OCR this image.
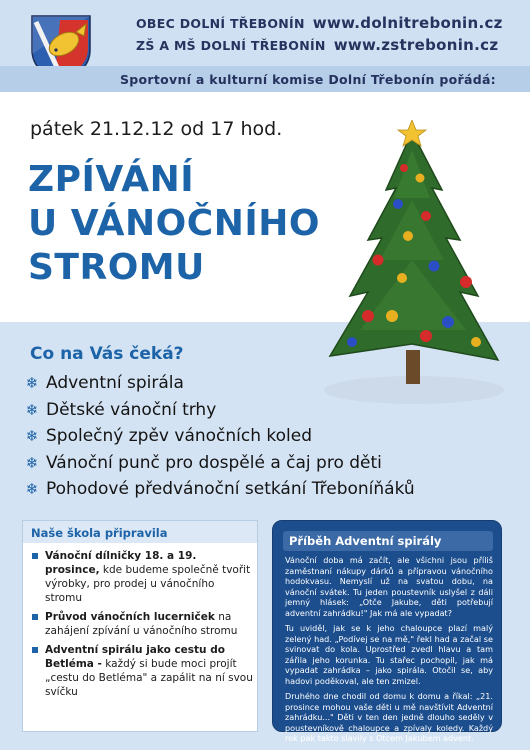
OBEC DOLNÍ TŘEBONÍN www.dolnitrebonin.cz
ZŠ A MŠ DOLNÍ TŘEBONÍN www.zstrebonin.cz
Sportovní a kulturní komise Dolní Třebonín pořádá:
pátek 21.12.12 od 17 hod.
ZPÍVÁNÍ
U VÁNOČNÍHO
STROMU
Co na Vás čeká?
❄ Adventní spirála
❄ Dětské vánoční trhy
❄ Společný zpěv vánočních koled
❄ Vánoční punč pro dospělé a čaj pro děti
❄ Pohodové předvánoční setkání Třeboníňáků
Naše škola připravila
Vánoční dílničky 18. a 19. prosince, kde budeme společně tvořit výrobky, pro prodej u vánočního stromu
Průvod vánočních lucerniček na zahájení zpívání u vánočního stromu
Adventní spirálu jako cestu do Betléma - každý si bude moci projít „cestu do Betléma" a zapálit na ní svou svíčku
Příběh Adventní spirály

Vánoční doba má začít, ale všichni jsou příliš zaměstnaní nákupy dárků a přípravou vánočního hodokvasu. Nemyslí už na svatou dobu, na vánoční svátek. Tu jeden poustevník uslyšel z dáli jemný hlásek: „Otče Jakube, děti potřebují adventní zahrádku!" Jak má ale vypadat?

Tu uviděl, jak se k jeho chaloupce plazí malý zelený had. „Podívej se na mě," řekl had a začal se svinovat do kola. Uprostřed zvedl hlavu a tam zářila jeho korunka. Tu stařec pochopil, jak má vypadat zahrádka – jako spirála. Otočil se, aby hadovi poděkoval, ale ten zmizel.

Druhého dne chodil od domu k domu a říkal: „21. prosince mohou vaše děti u mě navštívit Adventní zahrádku..." Děti v ten den jedně dlouho seděly v poustevníkově chaloupce a zpívaly koledy. Každý rok pak takto slavily s Otcem Jakubem advent.
